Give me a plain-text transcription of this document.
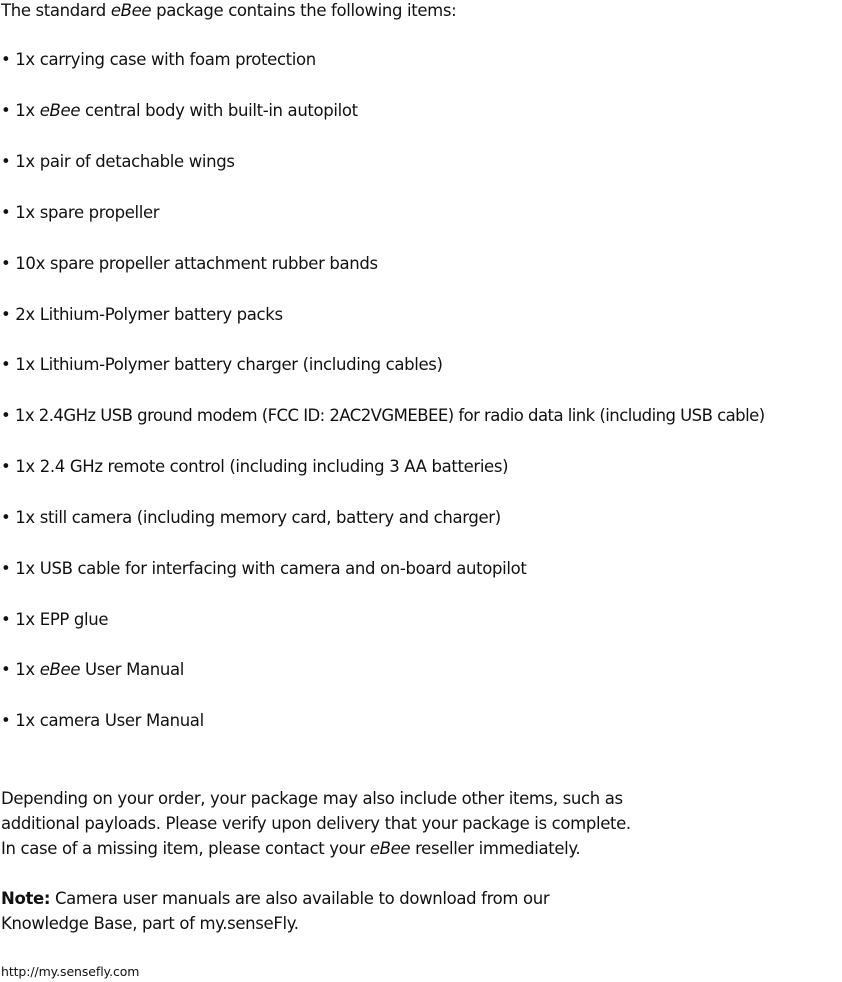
The standard eBee package contains the following items:
• 1x carrying case with foam protection
• 1x eBee central body with built-in autopilot
• 1x pair of detachable wings
• 1x spare propeller
• 10x spare propeller attachment rubber bands
• 2x Lithium-Polymer battery packs
• 1x Lithium-Polymer battery charger (including cables)
• 1x 2.4GHz USB ground modem (FCC ID: 2AC2VGMEBEE) for radio data link (including USB cable)
• 1x 2.4 GHz remote control (including including 3 AA batteries)
• 1x still camera (including memory card, battery and charger)
• 1x USB cable for interfacing with camera and on-board autopilot
• 1x EPP glue
• 1x eBee User Manual
• 1x camera User Manual
Depending on your order, your package may also include other items, such as
additional payloads. Please verify upon delivery that your package is complete.
In case of a missing item, please contact your eBee reseller immediately.
Note: Camera user manuals are also available to download from our
Knowledge Base, part of my.senseFly.
http://my.sensefly.com
